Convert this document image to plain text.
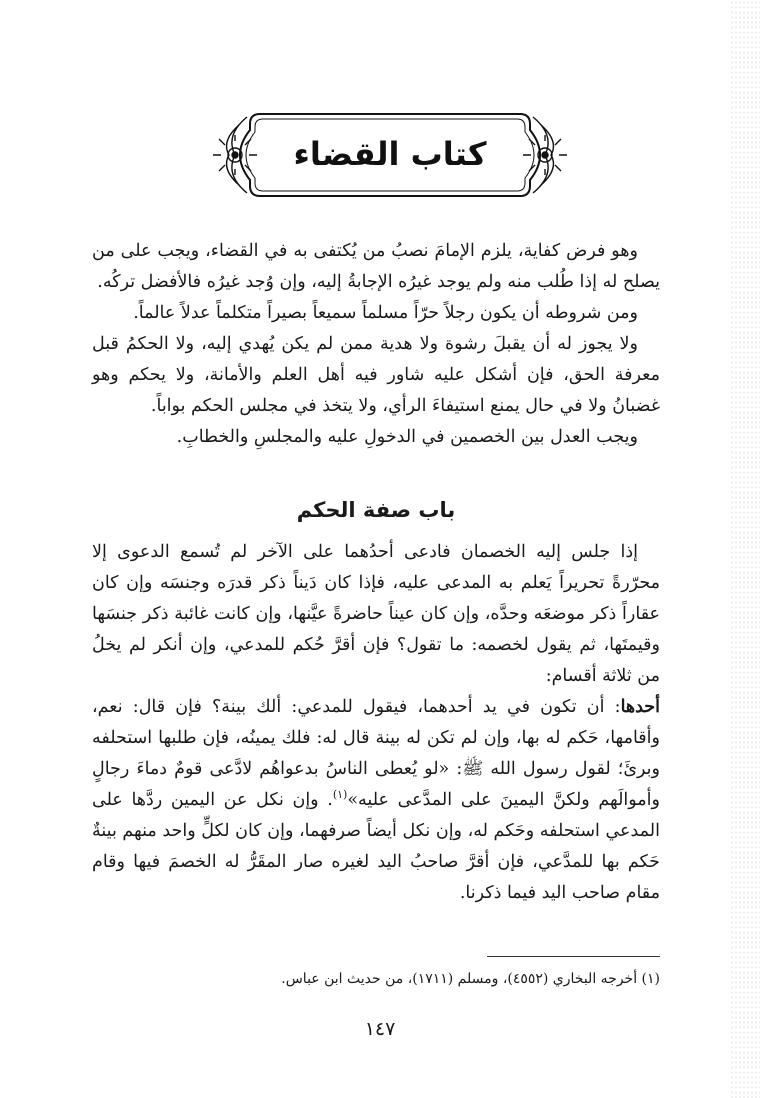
كتاب القضاء

وهو فرض كفاية، يلزم الإمامَ نصبُ من يُكتفى به في القضاء، ويجب على من يصلح له إذا طُلب منه ولم يوجد غيرُه الإجابةُ إليه، وإن وُجد غيرُه فالأفضل تركُه.

ومن شروطه أن يكون رجلاً حرّاً مسلماً سميعاً بصيراً متكلماً عدلاً عالماً.

ولا يجوز له أن يقبلَ رشوة ولا هدية ممن لم يكن يُهدي إليه، ولا الحكمُ قبل معرفة الحق، فإن أشكل عليه شاور فيه أهل العلم والأمانة، ولا يحكم وهو غضبانُ ولا في حال يمنع استيفاءَ الرأي، ولا يتخذ في مجلس الحكم بواباً.

ويجب العدل بين الخصمين في الدخولِ عليه والمجلسِ والخطابِ.

باب صفة الحكم

إذا جلس إليه الخصمان فادعى أحدُهما على الآخر لم تُسمع الدعوى إلا محرّرةً تحريراً يَعلم به المدعى عليه، فإذا كان دَيناً ذكر قدرَه وجنسَه وإن كان عقاراً ذكر موضعَه وحدَّه، وإن كان عيناً حاضرةً عيَّنها، وإن كانت غائبة ذكر جنسَها وقيمتَها، ثم يقول لخصمه: ما تقول؟ فإن أقرَّ حُكم للمدعي، وإن أنكر لم يخلُ من ثلاثة أقسام:

أحدها: أن تكون في يد أحدهما، فيقول للمدعي: ألك بينة؟ فإن قال: نعم، وأقامها، حَكم له بها، وإن لم تكن له بينة قال له: فلك يمينُه، فإن طلبها استحلفه وبرئَ؛ لقول رسول الله ﷺ: «لو يُعطى الناسُ بدعواهُم لادَّعى قومٌ دماءَ رجالٍ وأموالَهم ولكنَّ اليمينَ على المدَّعى عليه»$^{(١)}$. وإن نكل عن اليمين ردَّها على المدعي استحلفه وحَكم له، وإن نكل أيضاً صرفهما، وإن كان لكلٍّ واحد منهم بينةٌ حَكم بها للمدَّعي، فإن أقرَّ صاحبُ اليد لغيره صار المقَرُّ له الخصمَ فيها وقام مقام صاحب اليد فيما ذكرنا.

(١) أخرجه البخاري (٤٥٥٢)، ومسلم (١٧١١)، من حديث ابن عباس.
١٤٧
